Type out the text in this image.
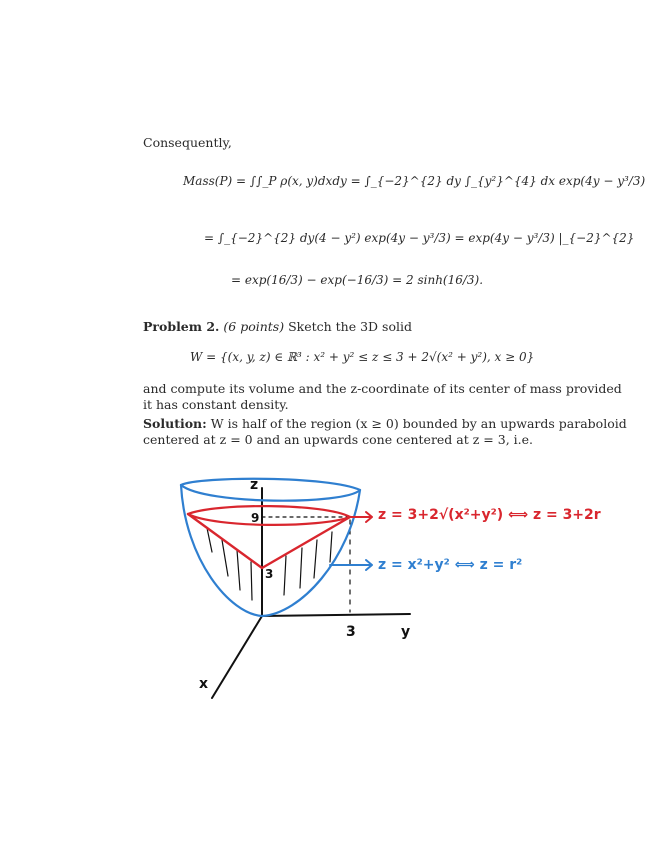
Consequently,
Mass(P) = ∫∫_P ρ(x, y)dxdy = ∫_{−2}^{2} dy ∫_{y²}^{4} dx exp(4y − y³/3)
= ∫_{−2}^{2} dy(4 − y²) exp(4y − y³/3) = exp(4y − y³/3) |_{−2}^{2}
= exp(16/3) − exp(−16/3) = 2 sinh(16/3).
Problem 2. (6 points) Sketch the 3D solid
W = {(x, y, z) ∈ ℝ³ : x² + y² ≤ z ≤ 3 + 2√(x² + y²), x ≥ 0}
and compute its volume and the z-coordinate of its center of mass provided
it has constant density.
Solution: W is half of the region (x ≥ 0) bounded by an upwards paraboloid
centered at z = 0 and an upwards cone centered at z = 3, i.e.
z
9
3
3	y
x
z = 3+2√(x²+y²) ⟺ z = 3+2r
z = x²+y² ⟺ z = r²
